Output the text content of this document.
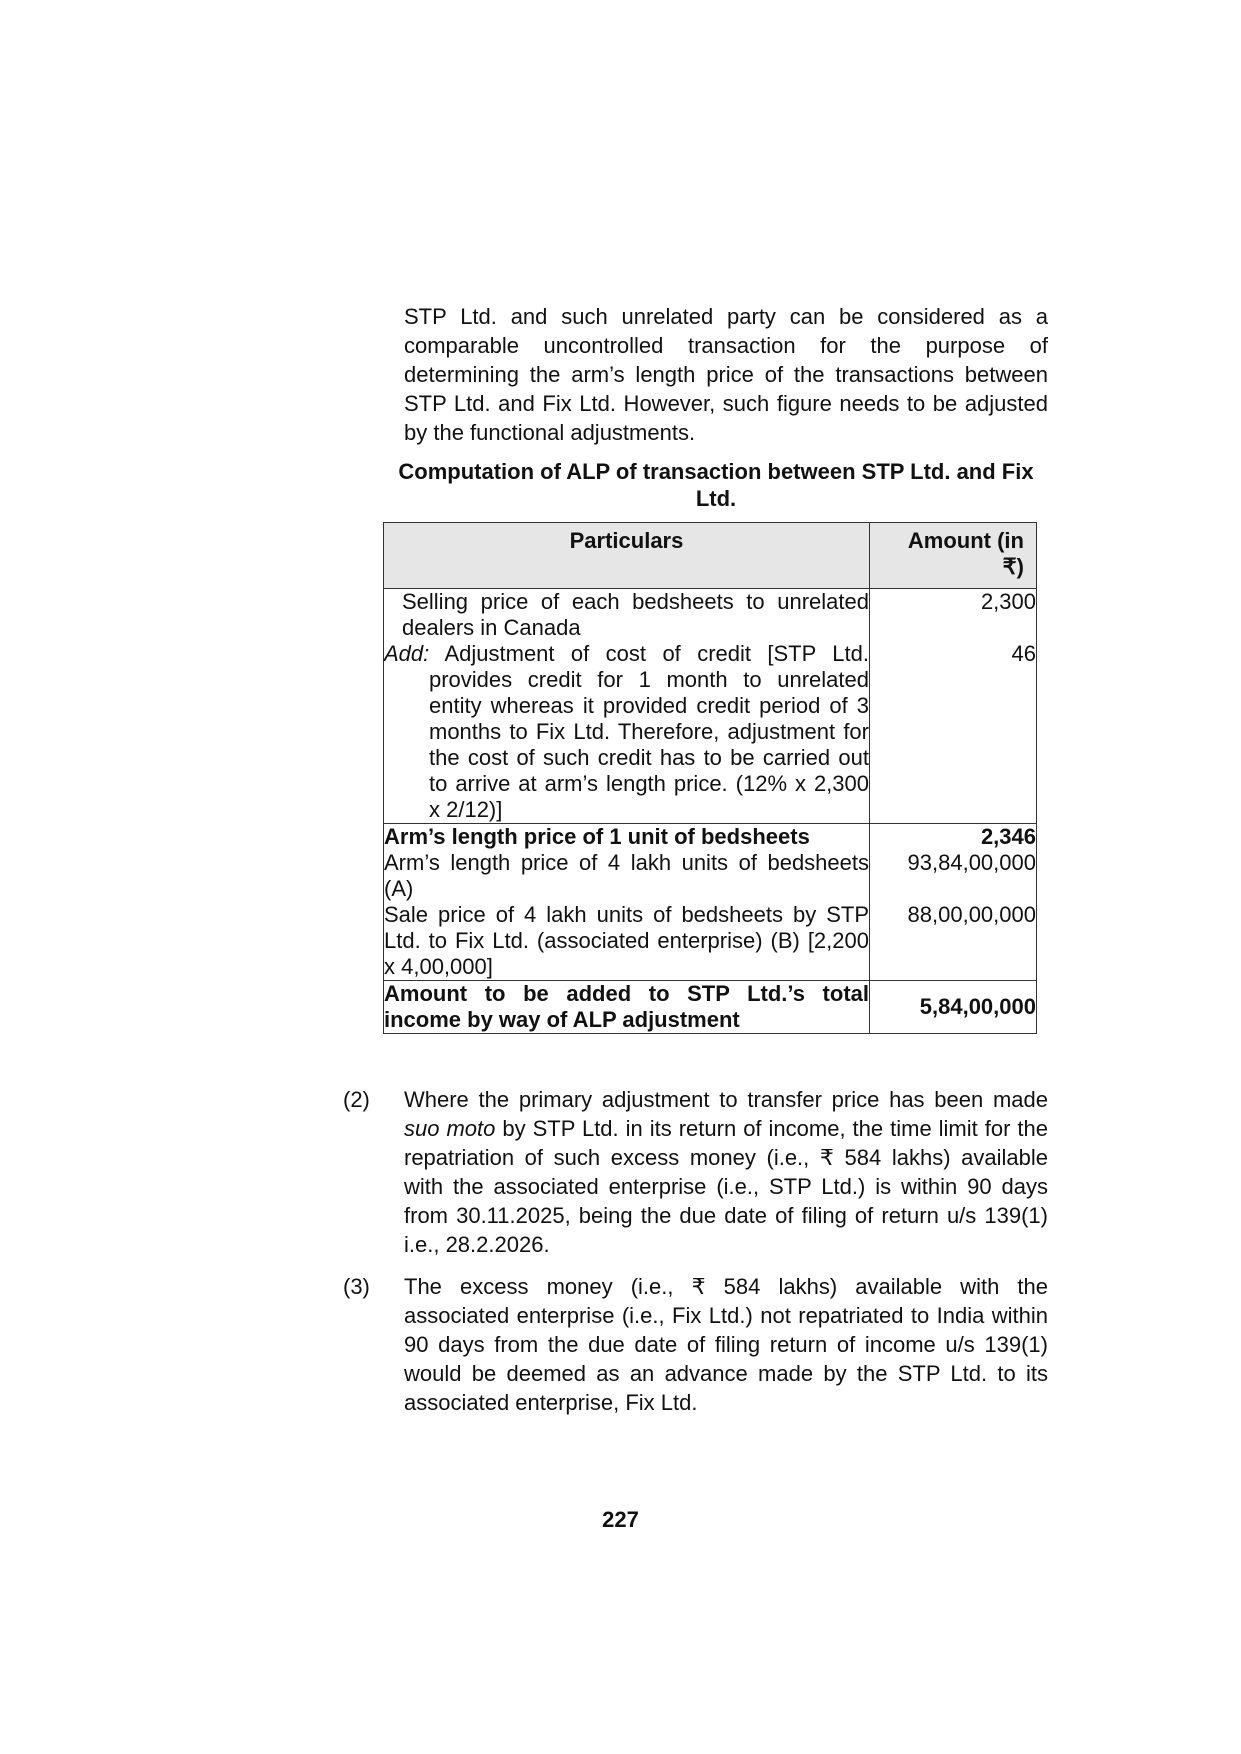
STP Ltd. and such unrelated party can be considered as a comparable uncontrolled transaction for the purpose of determining the arm’s length price of the transactions between STP Ltd. and Fix Ltd. However, such figure needs to be adjusted by the functional adjustments.

Computation of ALP of transaction between STP Ltd. and Fix Ltd.
Particulars	Amount (in ₹)
Selling price of each bedsheets to unrelated dealers in Canada	2,300

Add: Adjustment of cost of credit [STP Ltd. provides credit for 1 month to unrelated entity whereas it provided credit period of 3 months to Fix Ltd. Therefore, adjustment for the cost of such credit has to be carried out to arrive at arm’s length price. (12% x 2,300 x 2/12)]	46
Arm’s length price of 1 unit of bedsheets	2,346
Arm’s length price of 4 lakh units of bedsheets (A)	93,84,00,000
Sale price of 4 lakh units of bedsheets by STP Ltd. to Fix Ltd. (associated enterprise) (B) [2,200 x 4,00,000]	88,00,00,000
Amount to be added to STP Ltd.’s total income by way of ALP adjustment	5,84,00,000
(2) Where the primary adjustment to transfer price has been made suo moto by STP Ltd. in its return of income, the time limit for the repatriation of such excess money (i.e., ₹ 584 lakhs) available with the associated enterprise (i.e., STP Ltd.) is within 90 days from 30.11.2025, being the due date of filing of return u/s 139(1) i.e., 28.2.2026.
(3) The excess money (i.e., ₹ 584 lakhs) available with the associated enterprise (i.e., Fix Ltd.) not repatriated to India within 90 days from the due date of filing return of income u/s 139(1) would be deemed as an advance made by the STP Ltd. to its associated enterprise, Fix Ltd.
227
